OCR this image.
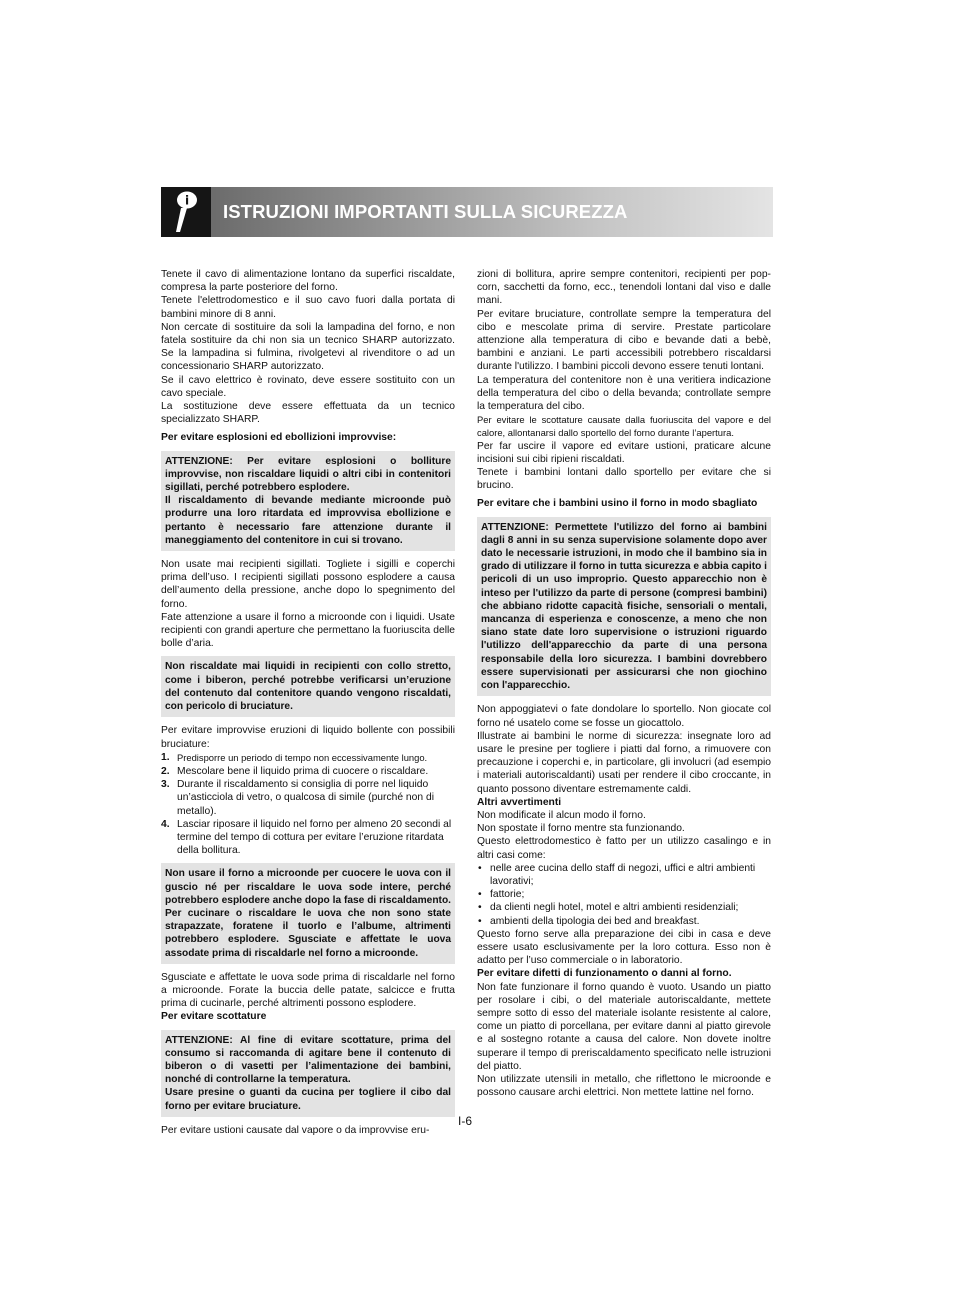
i
ISTRUZIONI IMPORTANTI SULLA SICUREZZA

Tenete il cavo di alimentazione lontano da superfici riscaldate, compresa la parte posteriore del forno.

Tenete l'elettrodomestico e il suo cavo fuori dalla portata di bambini minore di 8 anni.

Non cercate di sostituire da soli la lampadina del forno, e non fatela sostituire da chi non sia un tecnico SHARP autorizzato. Se la lampadina si fulmina, rivolgetevi al rivenditore o ad un concessionario SHARP autorizzato.

Se il cavo elettrico è rovinato, deve essere sostituito con un cavo speciale.

La sostituzione deve essere effettuata da un tecnico specializzato SHARP.

Per evitare esplosioni ed ebollizioni improvvise:

ATTENZIONE: Per evitare esplosioni o bolliture improvvise, non riscaldare liquidi o altri cibi in contenitori sigillati, perché potrebbero esplodere.
Il riscaldamento di bevande mediante microonde può produrre una loro ritardata ed improvvisa ebollizione e pertanto è necessario fare attenzione durante il maneggiamento del contenitore in cui si trovano.

Non usate mai recipienti sigillati. Togliete i sigilli e coperchi prima dell’uso. I recipienti sigillati possono esplodere a causa dell’aumento della pressione, anche dopo lo spegnimento del forno.

Fate attenzione a usare il forno a microonde con i liquidi. Usate recipienti con grandi aperture che permettano la fuoriuscita delle bolle d’aria.

Non riscaldate mai liquidi in recipienti con collo stretto, come i biberon, perché potrebbe verificarsi un’eruzione del contenuto dal contenitore quando vengono riscaldati, con pericolo di bruciature.

Per evitare improvvise eruzioni di liquido bollente con possibili bruciature:

1. Predisporre un periodo di tempo non eccessivamente lungo.
2. Mescolare bene il liquido prima di cuocere o riscaldare.
3. Durante il riscaldamento si consiglia di porre nel liquido un’asticciola di vetro, o qualcosa di simile (purché non di metallo).
4. Lasciar riposare il liquido nel forno per almeno 20 secondi al termine del tempo di cottura per evitare l’eruzione ritardata della bollitura.
Non usare il forno a microonde per cuocere le uova con il guscio né per riscaldare le uova sode intere, perché potrebbero esplodere anche dopo la fase di riscaldamento. Per cucinare o riscaldare le uova che non sono state strapazzate, foratene il tuorlo e l’albume, altrimenti potrebbero esplodere. Sgusciate e affettate le uova assodate prima di riscaldarle nel forno a microonde.

Sgusciate e affettate le uova sode prima di riscaldarle nel forno a microonde. Forate la buccia delle patate, salcicce e frutta prima di cucinarle, perché altrimenti possono esplodere.

Per evitare scottature

ATTENZIONE: Al fine di evitare scottature, prima del consumo si raccomanda di agitare bene il contenuto di biberon o di vasetti per l’alimentazione dei bambini, nonché di controllarne la temperatura.
Usare presine o guanti da cucina per togliere il cibo dal forno per evitare bruciature.

Per evitare ustioni causate dal vapore o da improvvise eru-

zioni di bollitura, aprire sempre contenitori, recipienti per pop-corn, sacchetti da forno, ecc., tenendoli lontani dal viso e dalle mani.

Per evitare bruciature, controllate sempre la temperatura del cibo e mescolate prima di servire. Prestate particolare attenzione alla temperatura di cibo e bevande dati a bebè, bambini e anziani. Le parti accessibili potrebbero riscaldarsi durante l'utilizzo. I bambini piccoli devono essere tenuti lontani.

La temperatura del contenitore non è una veritiera indicazione della temperatura del cibo o della bevanda; controllate sempre la temperatura del cibo.

Per evitare le scottature causate dalla fuoriuscita del vapore e del calore, allontanarsi dallo sportello del forno durante l’apertura.

Per far uscire il vapore ed evitare ustioni, praticare alcune incisioni sui cibi ripieni riscaldati.

Tenete i bambini lontani dallo sportello per evitare che si brucino.

Per evitare che i bambini usino il forno in modo sbagliato

ATTENZIONE: Permettete l'utilizzo del forno ai bambini dagli 8 anni in su senza supervisione solamente dopo aver dato le necessarie istruzioni, in modo che il bambino sia in grado di utilizzare il forno in tutta sicurezza e abbia capito i pericoli di un uso improprio. Questo apparecchio non è inteso per l'utilizzo da parte di persone (compresi bambini) che abbiano ridotte capacità fisiche, sensoriali o mentali, mancanza di esperienza e conoscenze, a meno che non siano state date loro supervisione o istruzioni riguardo l'utilizzo dell'apparecchio da parte di una persona responsabile della loro sicurezza. I bambini dovrebbero essere supervisionati per assicurarsi che non giochino con l'apparecchio.

Non appoggiatevi o fate dondolare lo sportello. Non giocate col forno né usatelo come se fosse un giocattolo.

Illustrate ai bambini le norme di sicurezza: insegnate loro ad usare le presine per togliere i piatti dal forno, a rimuovere con precauzione i coperchi e, in particolare, gli involucri (ad esempio i materiali autoriscaldanti) usati per rendere il cibo croccante, in quanto possono diventare estremamente caldi.

Altri avvertimenti

Non modificate il alcun modo il forno.

Non spostate il forno mentre sta funzionando.

Questo elettrodomestico è fatto per un utilizzo casalingo e in altri casi come:

• nelle aree cucina dello staff di negozi, uffici e altri ambienti lavorativi;
• fattorie;
• da clienti negli hotel, motel e altri ambienti residenziali;
• ambienti della tipologia dei bed and breakfast.

Questo forno serve alla preparazione dei cibi in casa e deve essere usato esclusivamente per la loro cottura. Esso non è adatto per l’uso commerciale o in laboratorio.

Per evitare difetti di funzionamento o danni al forno.

Non fate funzionare il forno quando è vuoto. Usando un piatto per rosolare i cibi, o del materiale autoriscaldante, mettete sempre sotto di esso del materiale isolante resistente al calore, come un piatto di porcellana, per evitare danni al piatto girevole e al sostegno rotante a causa del calore. Non dovete inoltre superare il tempo di preriscaldamento specificato nelle istruzioni del piatto.

Non utilizzate utensili in metallo, che riflettono le microonde e possono causare archi elettrici. Non mettete lattine nel forno.

I-6
